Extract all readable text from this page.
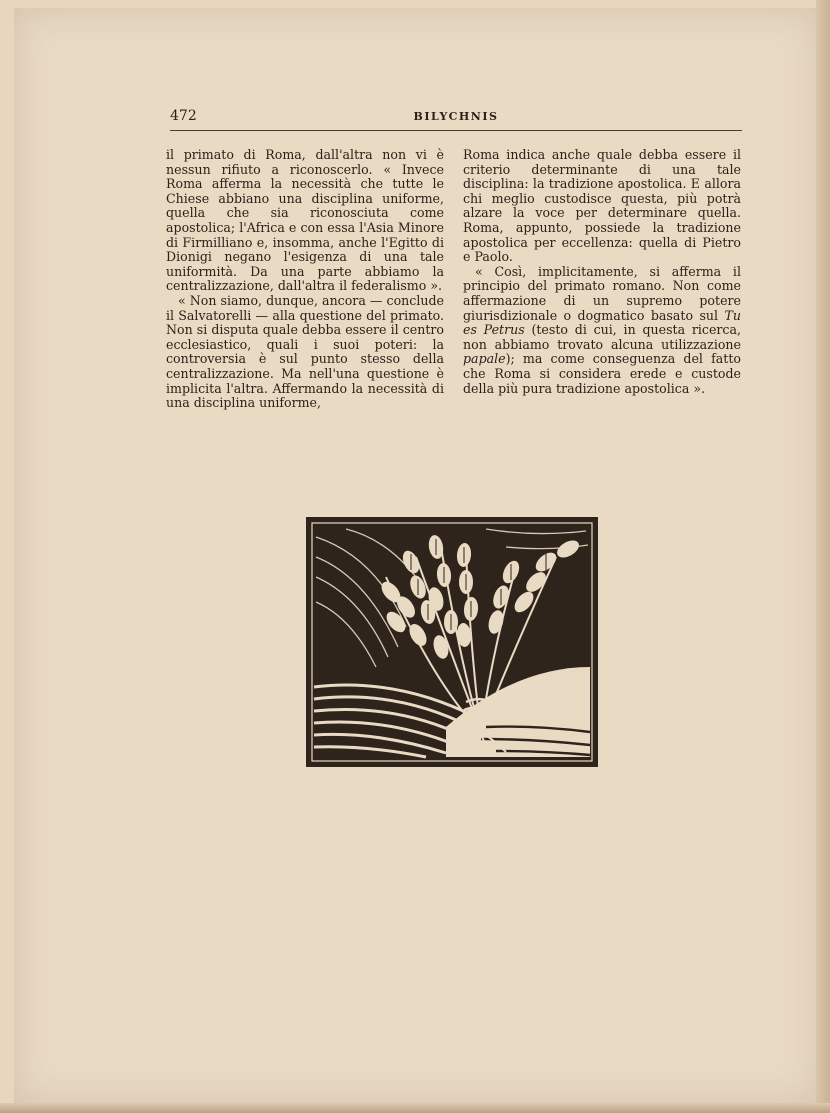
472	BILYCHNIS

il primato di Roma, dall'altra non vi è nessun rifiuto a riconoscerlo. « Invece Roma afferma la necessità che tutte le Chiese abbiano una disciplina uniforme, quella che sia riconosciuta come apostolica; l'Africa e con essa l'Asia Minore di Firmilliano e, insomma, anche l'Egitto di Dionigi negano l'esigenza di una tale uniformità. Da una parte abbiamo la centralizzazione, dall'altra il federalismo ».

« Non siamo, dunque, ancora — conclude il Salvatorelli — alla questione del primato. Non si disputa quale debba essere il centro ecclesiastico, quali i suoi poteri: la controversia è sul punto stesso della centralizzazione. Ma nell'una questione è implicita l'altra. Affermando la necessità di una disciplina uniforme,

Roma indica anche quale debba essere il criterio determinante di una tale disciplina: la tradizione apostolica. E allora chi meglio custodisce questa, più potrà alzare la voce per determinare quella. Roma, appunto, possiede la tradizione apostolica per eccellenza: quella di Pietro e Paolo.

« Così, implicitamente, si afferma il principio del primato romano. Non come affermazione di un supremo potere giurisdizionale o dogmatico basato sul Tu es Petrus (testo di cui, in questa ricerca, non abbiamo trovato alcuna utilizzazione papale); ma come conseguenza del fatto che Roma si considera erede e custode della più pura tradizione apostolica ».
